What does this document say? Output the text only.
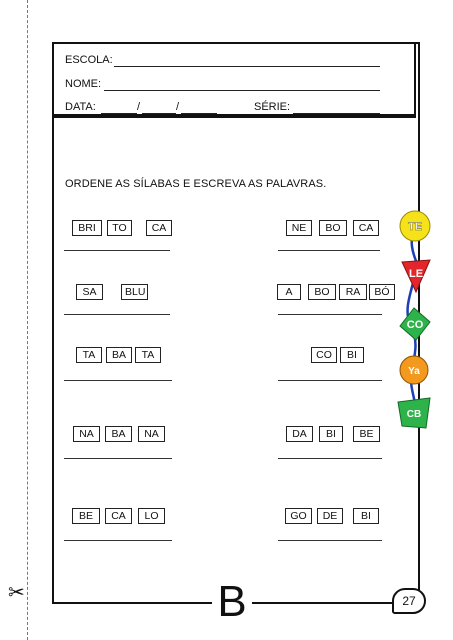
✂	B
ESCOLA:
NOME:
DATA:	/	/	SÉRIE:
ORDENE AS SÍLABAS E ESCREVA AS PALAVRAS.
BRI	TO	CA	NE	BO	CA
SA	BLU	A	BO	RA	BÓ
TA	BA	TA	CO	BI
NA	BA	NA	DA	BI	BE
BE	CA	LO	GO	DE	BI
TE
LE
CO
Ya
CB
27
